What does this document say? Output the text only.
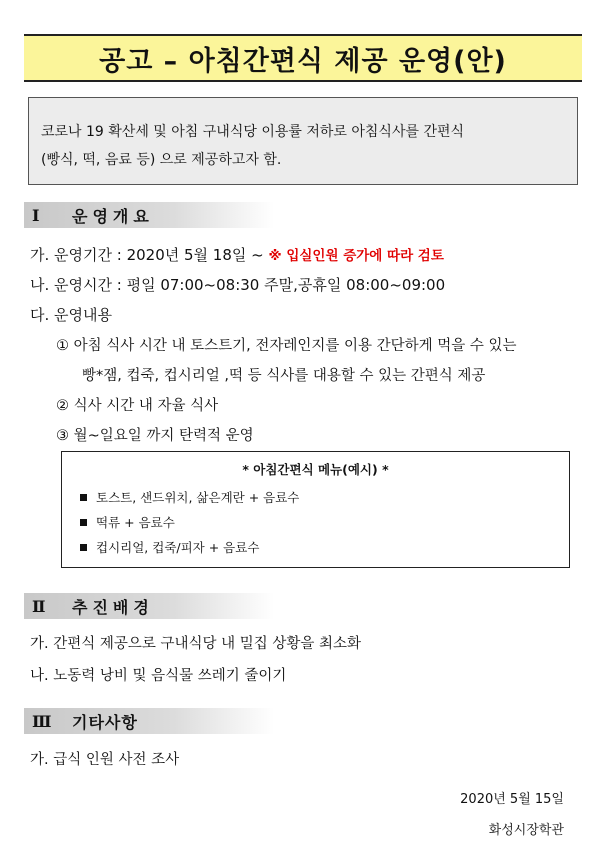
공고 – 아침간편식 제공 운영(안)
코로나 19 확산세 및 아침 구내식당 이용률 저하로 아침식사를 간편식
(빵식, 떡, 음료 등) 으로 제공하고자 함.
Ⅰ	운영개요
가. 운영기간 : 2020년 5월 18일 ~ ※ 입실인원 증가에 따라 검토
나. 운영시간 : 평일 07:00~08:30 주말,공휴일 08:00~09:00
다. 운영내용
① 아침 식사 시간 내 토스트기, 전자레인지를 이용 간단하게 먹을 수 있는
빵*잼, 컵죽, 컵시리얼 ,떡 등 식사를 대용할 수 있는 간편식 제공
② 식사 시간 내 자율 식사
③ 월~일요일 까지 탄력적 운영
* 아침간편식 메뉴(예시) *
토스트, 샌드위치, 삶은계란 + 음료수
떡류 + 음료수
컵시리얼, 컵죽/피자 + 음료수
Ⅱ	추진배경
가. 간편식 제공으로 구내식당 내 밀집 상황을 최소화
나. 노동력 낭비 및 음식물 쓰레기 줄이기
Ⅲ	기타사항
가. 급식 인원 사전 조사
2020년 5월 15일
화성시장학관
